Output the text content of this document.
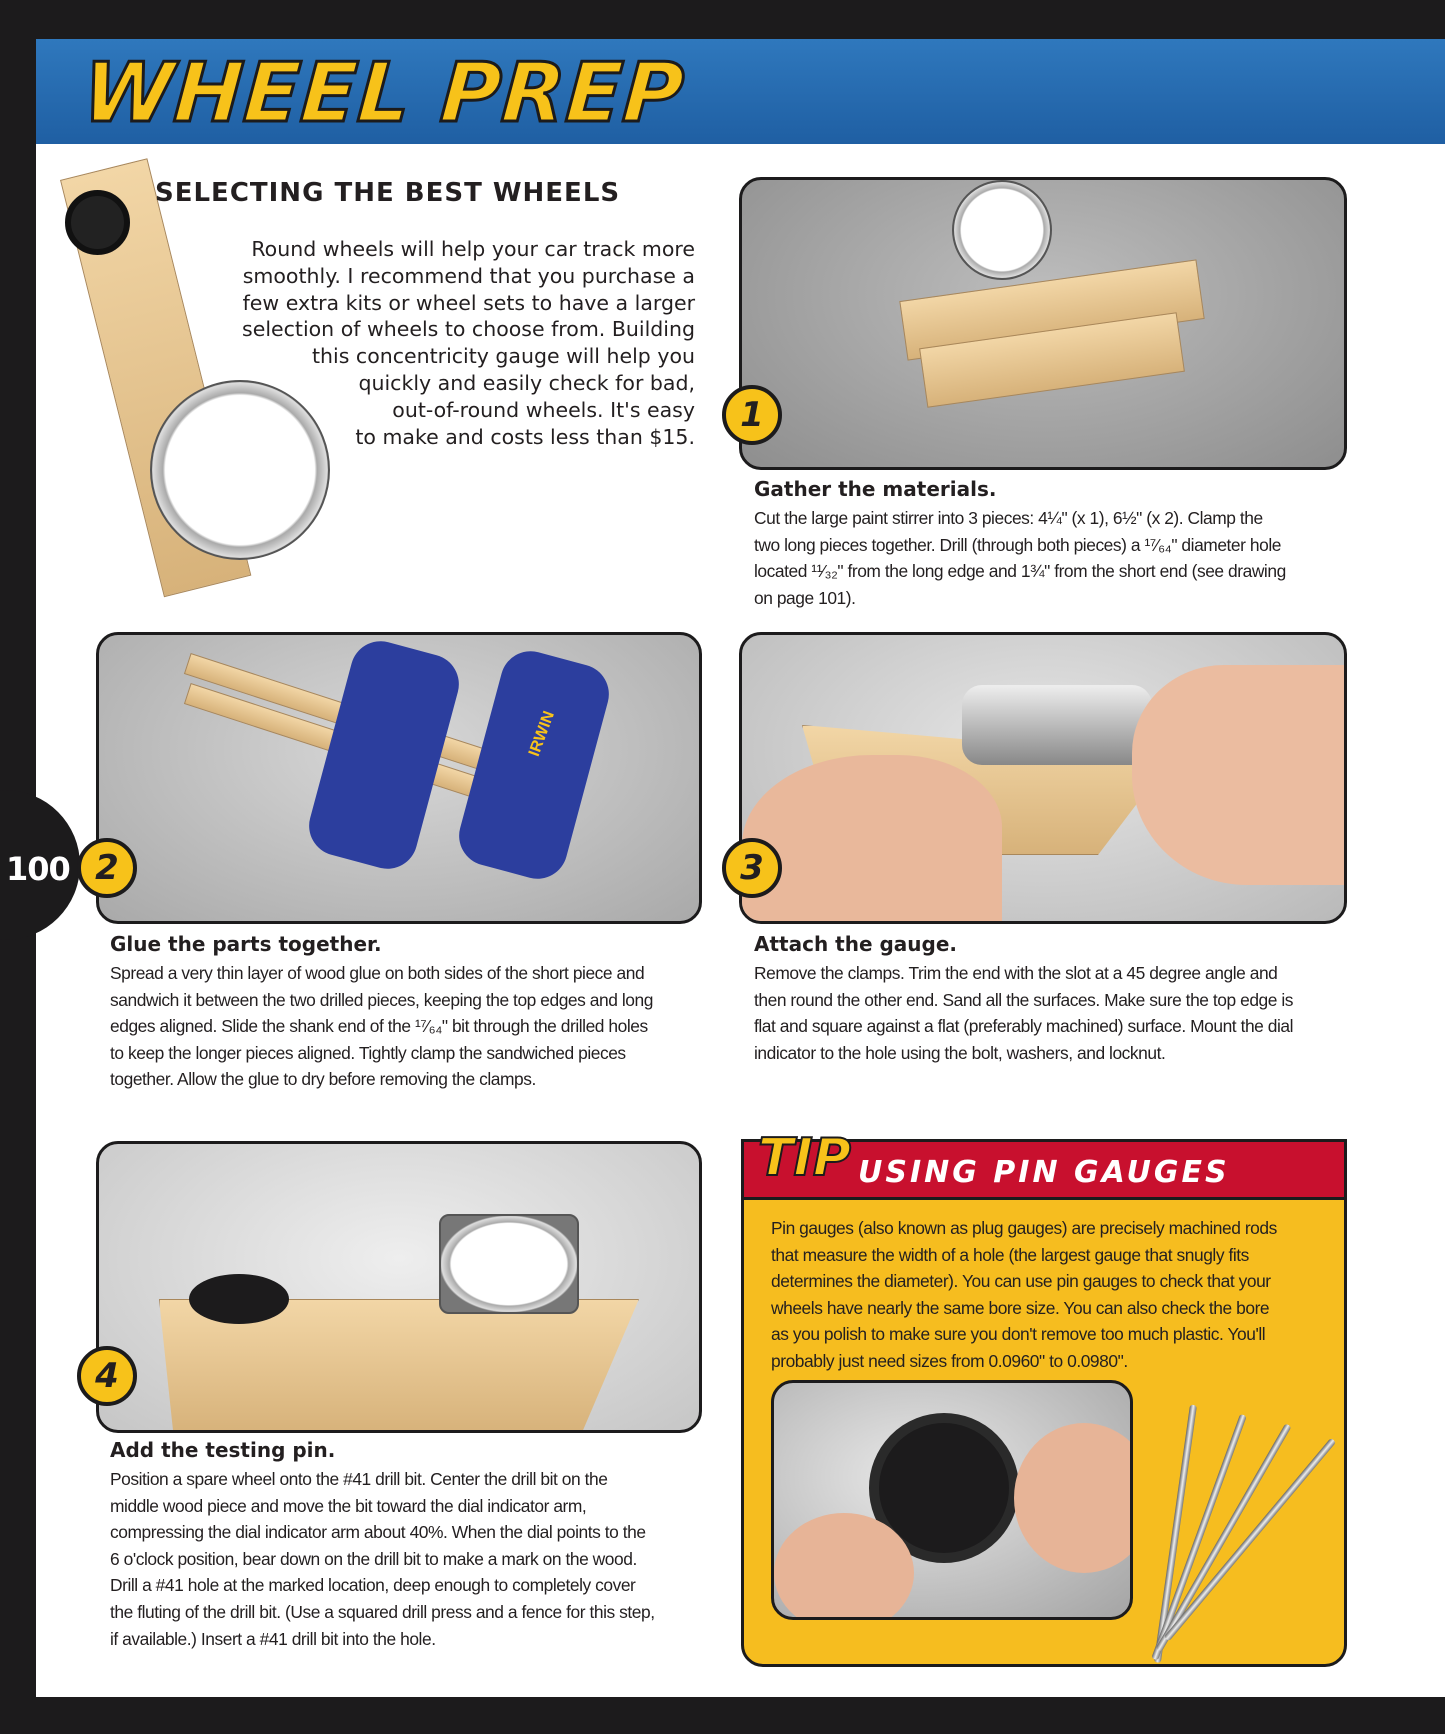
WHEEL PREP
SELECTING THE BEST WHEELS
Round wheels will help your car track more
smoothly. I recommend that you purchase a
few extra kits or wheel sets to have a larger
selection of wheels to choose from. Building
this concentricity gauge will help you
quickly and easily check for bad,
out-of-round wheels. It's easy
to make and costs less than $15.
IRWIN
100
1
2	3
4
Gather the materials.
Cut the large paint stirrer into 3 pieces: 4¼" (x 1), 6½" (x 2). Clamp the
two long pieces together. Drill (through both pieces) a ¹⁷⁄₆₄" diameter hole
located ¹¹⁄₃₂" from the long edge and 1¾" from the short end (see drawing
on page 101).
Glue the parts together.
Spread a very thin layer of wood glue on both sides of the short piece and
sandwich it between the two drilled pieces, keeping the top edges and long
edges aligned. Slide the shank end of the ¹⁷⁄₆₄" bit through the drilled holes
to keep the longer pieces aligned. Tightly clamp the sandwiched pieces
together. Allow the glue to dry before removing the clamps.
Attach the gauge.
Remove the clamps. Trim the end with the slot at a 45 degree angle and
then round the other end. Sand all the surfaces. Make sure the top edge is
flat and square against a flat (preferably machined) surface. Mount the dial
indicator to the hole using the bolt, washers, and locknut.
Add the testing pin.
Position a spare wheel onto the #41 drill bit. Center the drill bit on the
middle wood piece and move the bit toward the dial indicator arm,
compressing the dial indicator arm about 40%. When the dial points to the
6 o'clock position, bear down on the drill bit to make a mark on the wood.
Drill a #41 hole at the marked location, deep enough to completely cover
the fluting of the drill bit. (Use a squared drill press and a fence for this step,
if available.) Insert a #41 drill bit into the hole.
TIP USING PIN GAUGES
Pin gauges (also known as plug gauges) are precisely machined rods
that measure the width of a hole (the largest gauge that snugly fits
determines the diameter). You can use pin gauges to check that your
wheels have nearly the same bore size. You can also check the bore
as you polish to make sure you don't remove too much plastic. You'll
probably just need sizes from 0.0960" to 0.0980".
